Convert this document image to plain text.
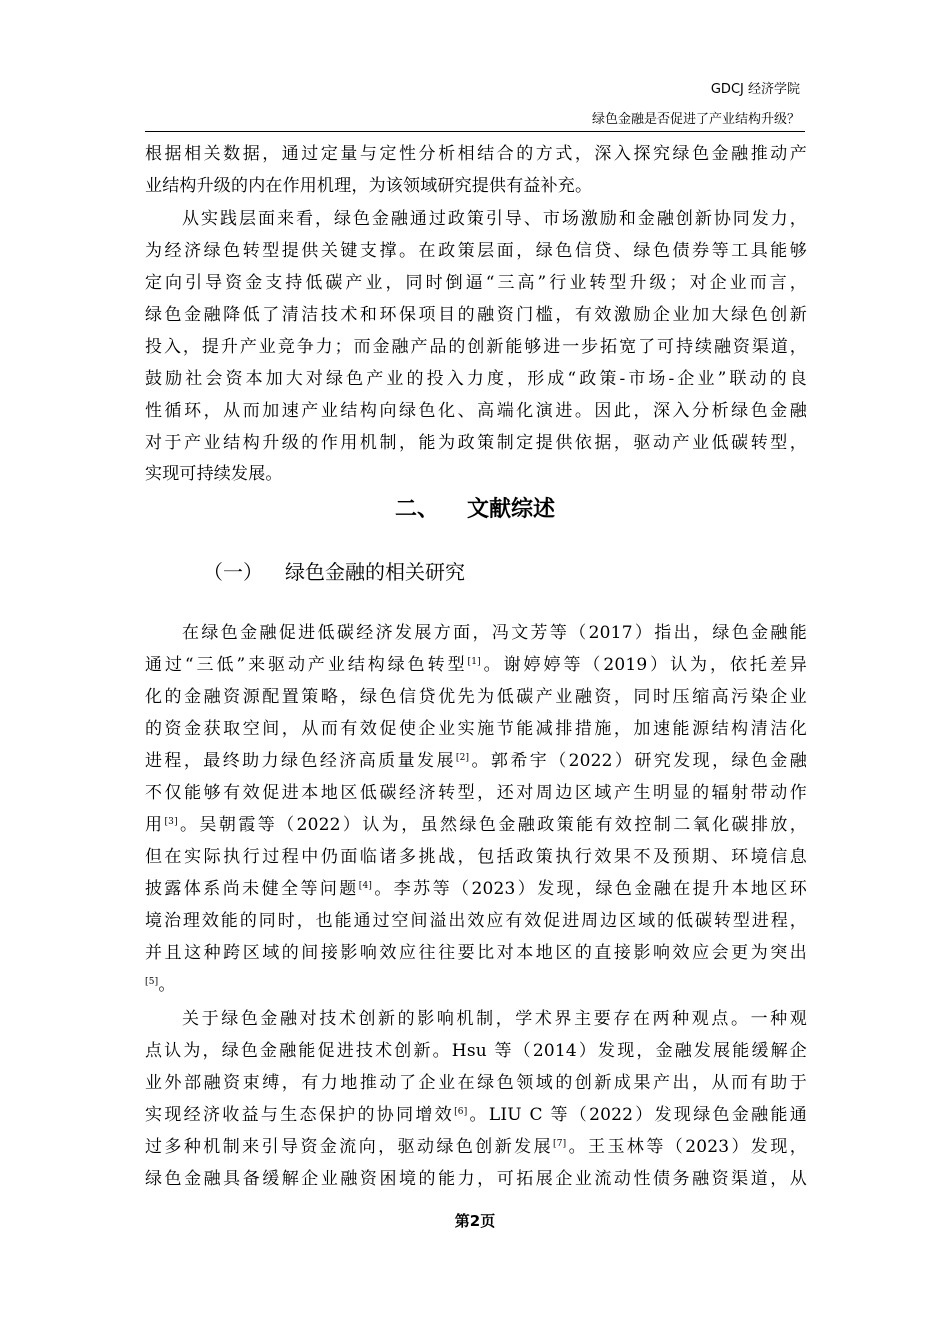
GDCJ 经济学院
绿色金融是否促进了产业结构升级？
根据相关数据，通过定量与定性分析相结合的方式，深入探究绿色金融推动产
业结构升级的内在作用机理，为该领域研究提供有益补充。
从实践层面来看，绿色金融通过政策引导、市场激励和金融创新协同发力，
为经济绿色转型提供关键支撑。在政策层面，绿色信贷、绿色债券等工具能够
定向引导资金支持低碳产业，同时倒逼“三高”行业转型升级；对企业而言，
绿色金融降低了清洁技术和环保项目的融资门槛，有效激励企业加大绿色创新
投入，提升产业竞争力；而金融产品的创新能够进一步拓宽了可持续融资渠道，
鼓励社会资本加大对绿色产业的投入力度，形成“政策-市场-企业”联动的良
性循环，从而加速产业结构向绿色化、高端化演进。因此，深入分析绿色金融
对于产业结构升级的作用机制，能为政策制定提供依据，驱动产业低碳转型，
实现可持续发展。
二、 文献综述
（一） 绿色金融的相关研究
在绿色金融促进低碳经济发展方面，冯文芳等（2017）指出，绿色金融能
通过“三低”来驱动产业结构绿色转型[1]。谢婷婷等（2019）认为，依托差异
化的金融资源配置策略，绿色信贷优先为低碳产业融资，同时压缩高污染企业
的资金获取空间，从而有效促使企业实施节能减排措施，加速能源结构清洁化
进程，最终助力绿色经济高质量发展[2]。郭希宇（2022）研究发现，绿色金融
不仅能够有效促进本地区低碳经济转型，还对周边区域产生明显的辐射带动作
用[3]。吴朝霞等（2022）认为，虽然绿色金融政策能有效控制二氧化碳排放，
但在实际执行过程中仍面临诸多挑战，包括政策执行效果不及预期、环境信息
披露体系尚未健全等问题[4]。李苏等（2023）发现，绿色金融在提升本地区环
境治理效能的同时，也能通过空间溢出效应有效促进周边区域的低碳转型进程，
并且这种跨区域的间接影响效应往往要比对本地区的直接影响效应会更为突出
[5]。
关于绿色金融对技术创新的影响机制，学术界主要存在两种观点。一种观
点认为，绿色金融能促进技术创新。Hsu 等（2014）发现，金融发展能缓解企
业外部融资束缚，有力地推动了企业在绿色领域的创新成果产出，从而有助于
实现经济收益与生态保护的协同增效[6]。LIU C 等（2022）发现绿色金融能通
过多种机制来引导资金流向，驱动绿色创新发展[7]。王玉林等（2023）发现，
绿色金融具备缓解企业融资困境的能力，可拓展企业流动性债务融资渠道，从
第2页
